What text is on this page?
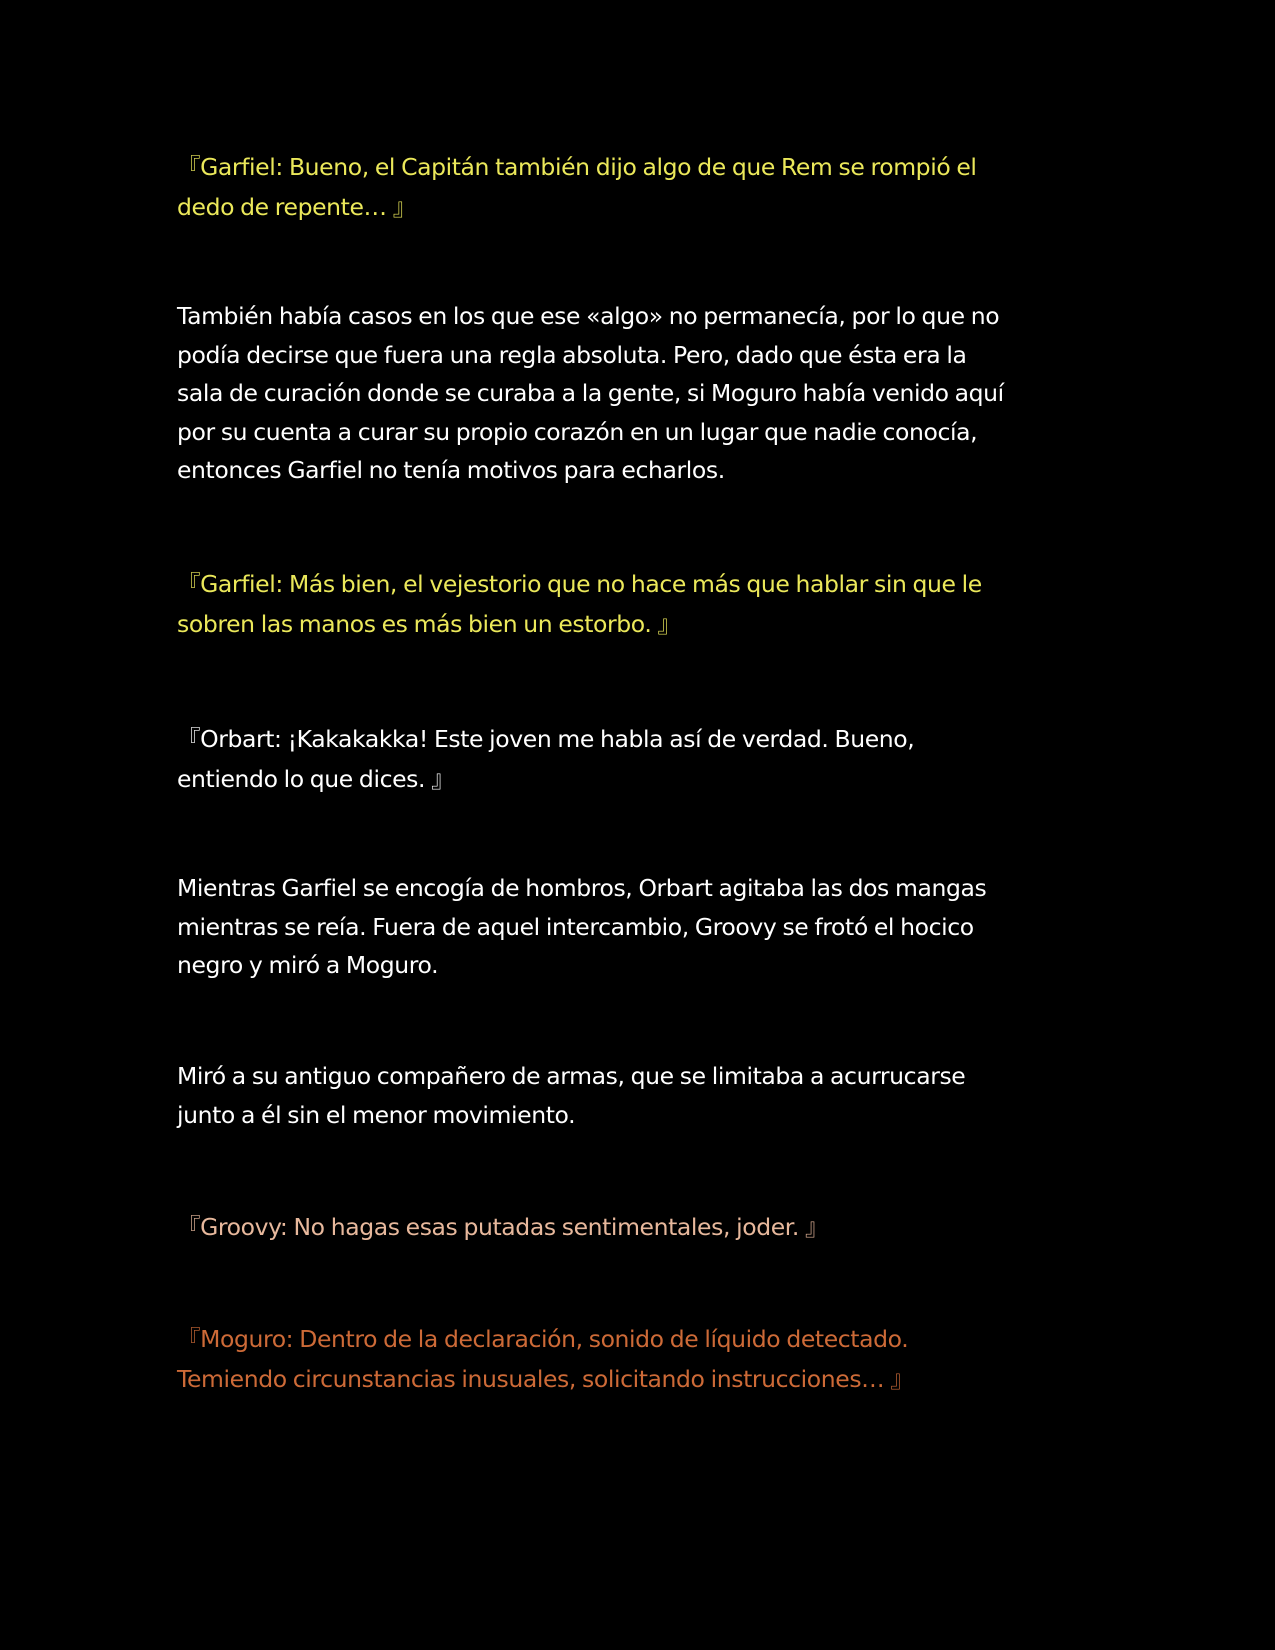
『Garfiel: Bueno, el Capitán también dijo algo de que Rem se rompió el
dedo de repente… 』

También había casos en los que ese «algo» no permanecía, por lo que no
podía decirse que fuera una regla absoluta. Pero, dado que ésta era la
sala de curación donde se curaba a la gente, si Moguro había venido aquí
por su cuenta a curar su propio corazón en un lugar que nadie conocía,
entonces Garfiel no tenía motivos para echarlos.

『Garfiel: Más bien, el vejestorio que no hace más que hablar sin que le
sobren las manos es más bien un estorbo. 』

『Orbart: ¡Kakakakka! Este joven me habla así de verdad. Bueno,
entiendo lo que dices. 』

Mientras Garfiel se encogía de hombros, Orbart agitaba las dos mangas
mientras se reía. Fuera de aquel intercambio, Groovy se frotó el hocico
negro y miró a Moguro.

Miró a su antiguo compañero de armas, que se limitaba a acurrucarse
junto a él sin el menor movimiento.

『Groovy: No hagas esas putadas sentimentales, joder. 』

『Moguro: Dentro de la declaración, sonido de líquido detectado.
Temiendo circunstancias inusuales, solicitando instrucciones… 』
